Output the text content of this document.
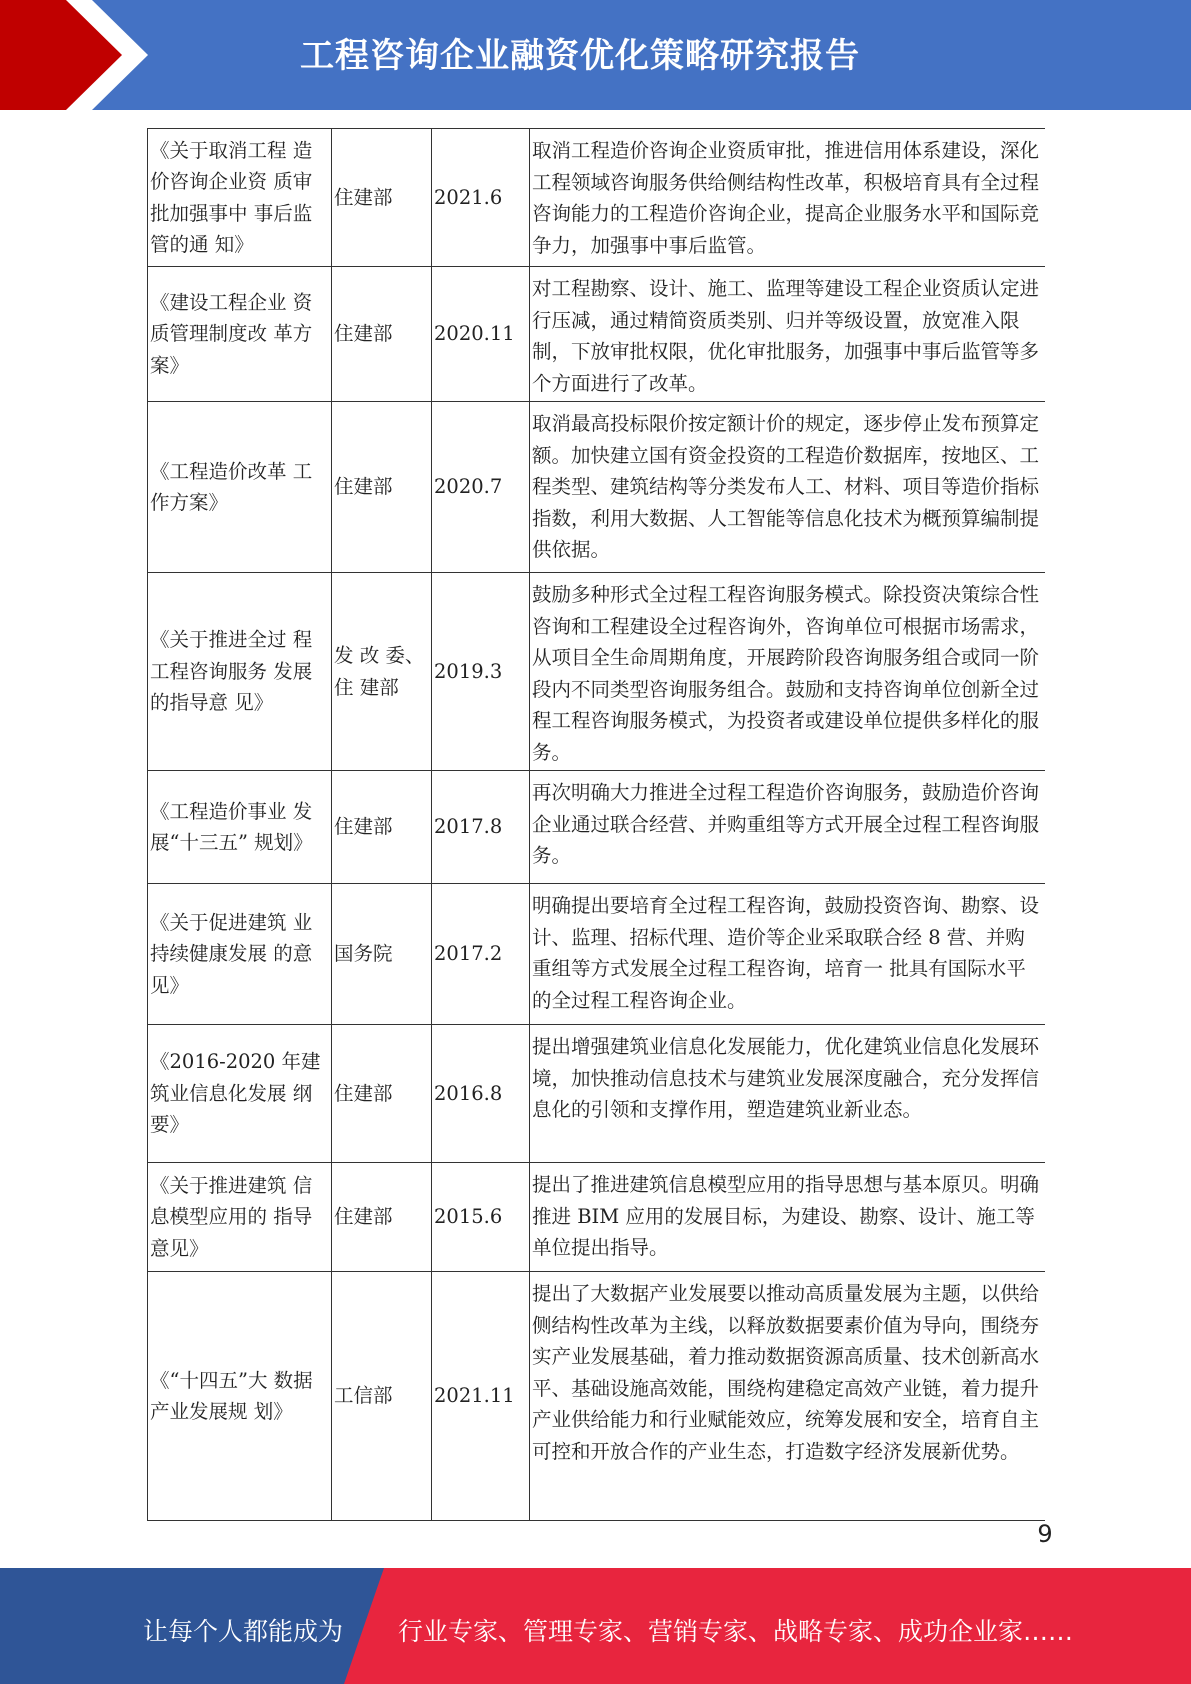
工程咨询企业融资优化策略研究报告
《关于取消工程 造价咨询企业资 质审批加强事中 事后监管的通 知》	住建部	2021.6	取消工程造价咨询企业资质审批，推进信用体系建设，深化工程领域咨询服务供给侧结构性改革，积极培育具有全过程咨询能力的工程造价咨询企业，提高企业服务水平和国际竞争力，加强事中事后监管。
《建设工程企业 资质管理制度改 革方案》	住建部	2020.11	对工程勘察、设计、施工、监理等建设工程企业资质认定进行压减，通过精简资质类别、归并等级设置，放宽准入限制，下放审批权限，优化审批服务，加强事中事后监管等多个方面进行了改革。
《工程造价改革 工作方案》	住建部	2020.7	取消最高投标限价按定额计价的规定，逐步停止发布预算定额。加快建立国有资金投资的工程造价数据库，按地区、工程类型、建筑结构等分类发布人工、材料、项目等造价指标指数，利用大数据、人工智能等信息化技术为概预算编制提供依据。
《关于推进全过 程工程咨询服务 发展的指导意 见》	发 改 委、住 建部	2019.3	鼓励多种形式全过程工程咨询服务模式。除投资决策综合性咨询和工程建设全过程咨询外，咨询单位可根据市场需求，从项目全生命周期角度，开展跨阶段咨询服务组合或同一阶段内不同类型咨询服务组合。鼓励和支持咨询单位创新全过程工程咨询服务模式，为投资者或建设单位提供多样化的服务。
《工程造价事业 发展“十三五” 规划》	住建部	2017.8	再次明确大力推进全过程工程造价咨询服务，鼓励造价咨询企业通过联合经营、并购重组等方式开展全过程工程咨询服务。
《关于促进建筑 业持续健康发展 的意见》	国务院	2017.2	明确提出要培育全过程工程咨询，鼓励投资咨询、勘察、设计、监理、招标代理、造价等企业采取联合经 8 营、并购重组等方式发展全过程工程咨询，培育一 批具有国际水平的全过程工程咨询企业。
《2016-2020 年建筑业信息化发展 纲要》	住建部	2016.8	提出增强建筑业信息化发展能力，优化建筑业信息化发展环境，加快推动信息技术与建筑业发展深度融合，充分发挥信息化的引领和支撑作用，塑造建筑业新业态。
《关于推进建筑 信息模型应用的 指导意见》	住建部	2015.6	提出了推进建筑信息模型应用的指导思想与基本原贝。明确推进 BIM 应用的发展目标，为建设、勘察、设计、施工等单位提出指导。
《“十四五”大 数据产业发展规 划》	工信部	2021.11	提出了大数据产业发展要以推动高质量发展为主题，以供给侧结构性改革为主线，以释放数据要素价值为导向，围绕夯实产业发展基础，着力推动数据资源高质量、技术创新高水平、基础设施高效能，围绕构建稳定高效产业链，着力提升产业供给能力和行业赋能效应，统筹发展和安全，培育自主可控和开放合作的产业生态，打造数字经济发展新优势。
9
让每个人都能成为 行业专家、管理专家、营销专家、战略专家、成功企业家……
